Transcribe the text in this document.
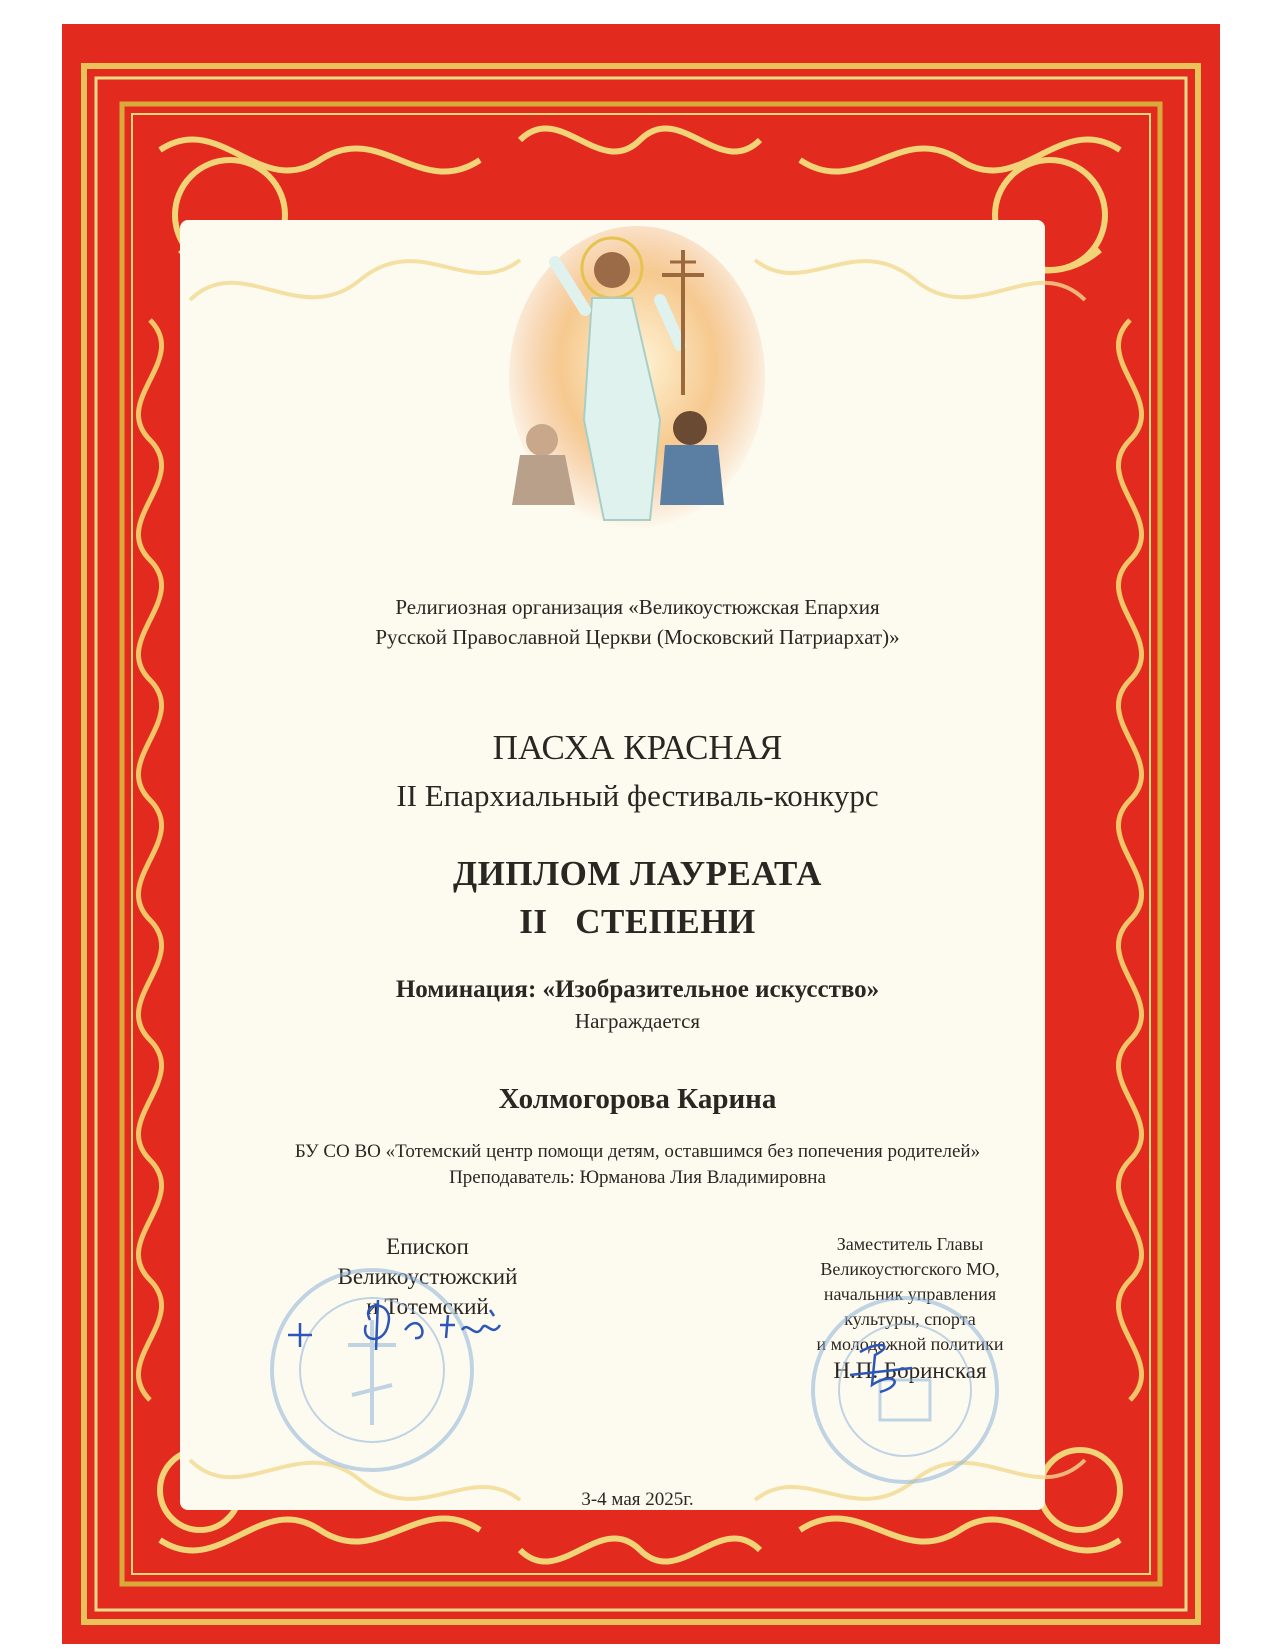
Религиозная организация «Великоустюжская Епархия
Русской Православной Церкви (Московский Патриархат)»
ПАСХА КРАСНАЯ
II Епархиальный фестиваль-конкурс
ДИПЛОМ ЛАУРЕАТА
II   СТЕПЕНИ
Номинация: «Изобразительное искусство»
Награждается
Холмогорова Карина
БУ СО ВО «Тотемский центр помощи детям, оставшимся без попечения родителей»
Преподаватель: Юрманова Лия Владимировна
Епископ
Великоустюжский
и Тотемский
Заместитель Главы
Великоустюгского МО,
начальник управления
культуры, спорта
и молодежной политики
Н.П. Боринская
3-4 мая 2025г.
